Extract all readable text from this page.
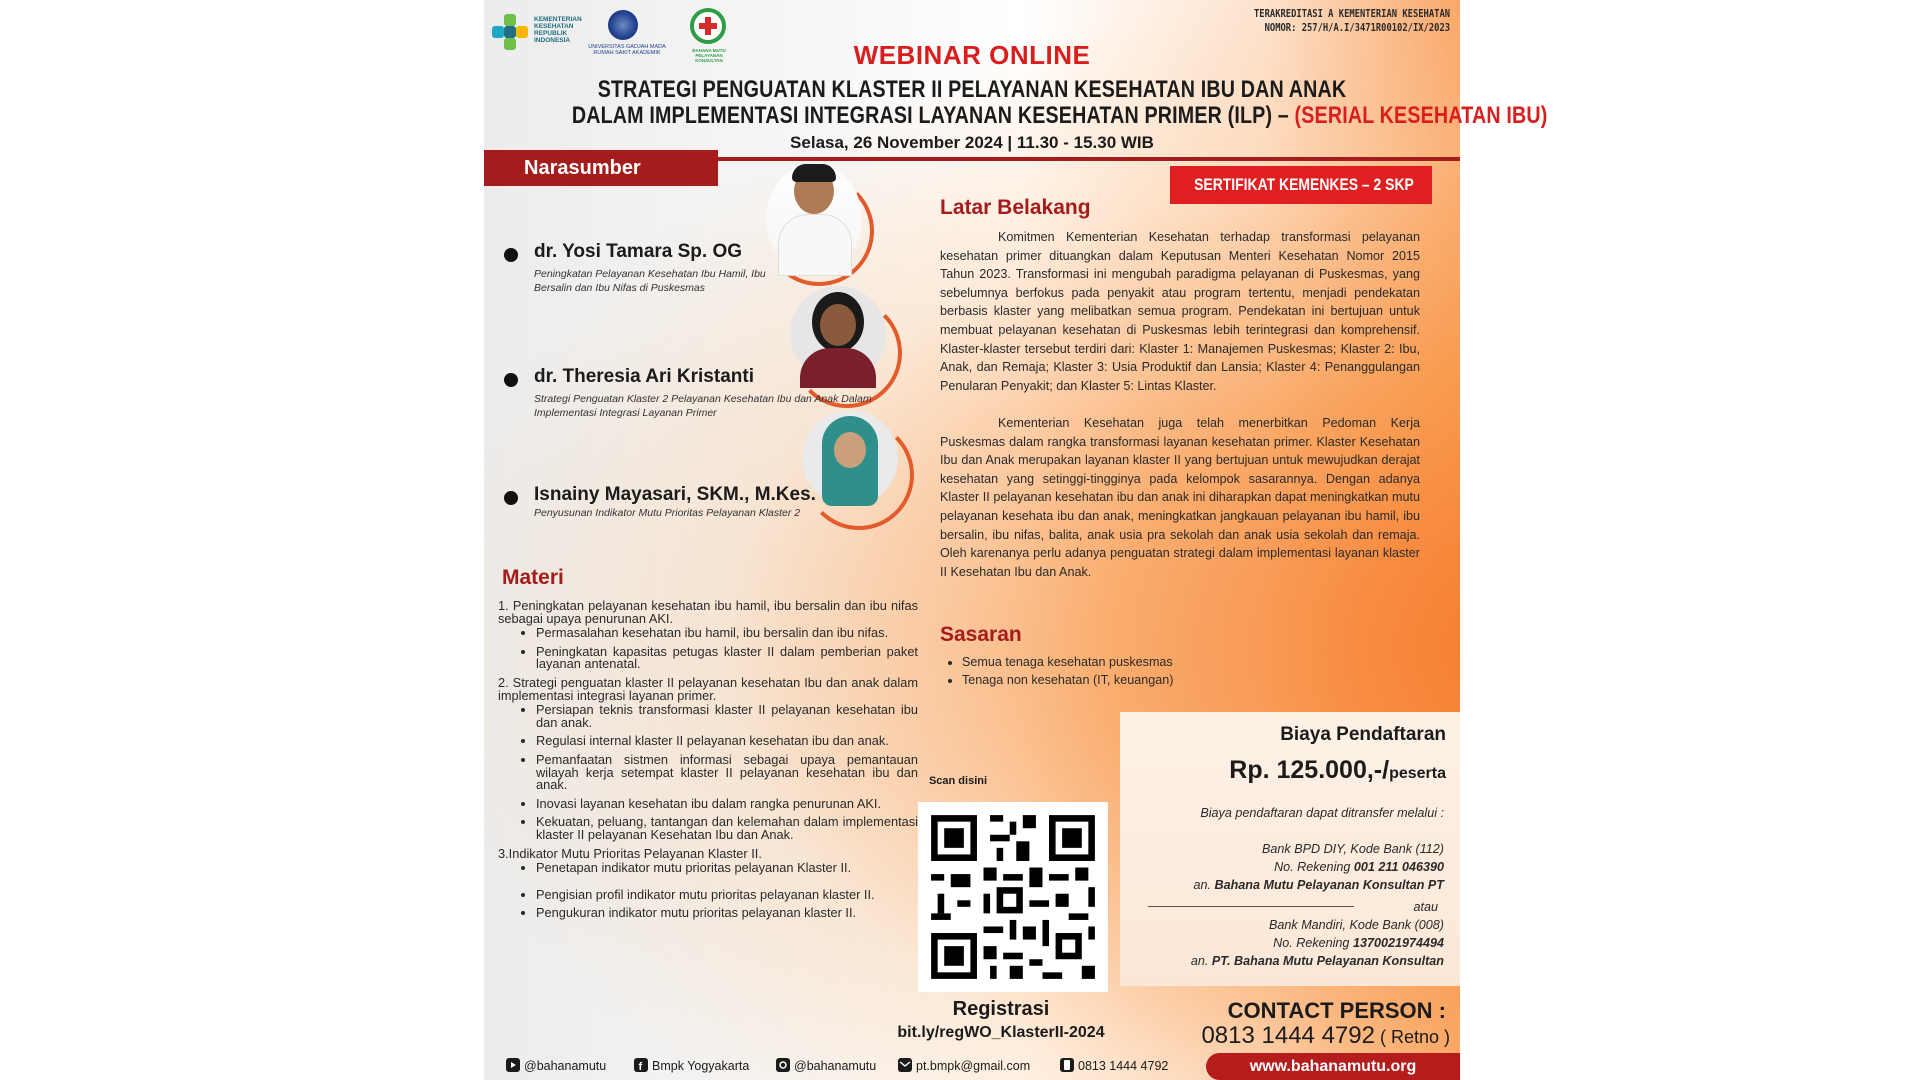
KEMENTERIAN KESEHATAN REPUBLIK INDONESIA
UNIVERSITAS GADJAH MADA RUMAH SAKIT AKADEMIK	BAHANA MUTU PELAYANAN KONSULTAN
TERAKREDITASI A KEMENTERIAN KESEHATAN
NOMOR: 257/H/A.I/3471R00102/IX/2023
WEBINAR ONLINE
STRATEGI PENGUATAN KLASTER II PELAYANAN KESEHATAN IBU DAN ANAK
DALAM IMPLEMENTASI INTEGRASI LAYANAN KESEHATAN PRIMER (ILP) – (SERIAL KESEHATAN IBU)
Selasa, 26 November 2024 | 11.30 - 15.30 WIB
Narasumber
dr. Yosi Tamara Sp. OG
Peningkatan Pelayanan Kesehatan Ibu Hamil, Ibu Bersalin dan Ibu Nifas di Puskesmas
dr. Theresia Ari Kristanti
Strategi Penguatan Klaster 2 Pelayanan Kesehatan Ibu dan Anak Dalam Implementasi Integrasi Layanan Primer
Isnainy Mayasari, SKM., M.Kes.
Penyusunan Indikator Mutu Prioritas Pelayanan Klaster 2
SERTIFIKAT KEMENKES – 2 SKP
Latar Belakang
Komitmen Kementerian Kesehatan terhadap transformasi pelayanan kesehatan primer dituangkan dalam Keputusan Menteri Kesehatan Nomor 2015 Tahun 2023. Transformasi ini mengubah paradigma pelayanan di Puskesmas, yang sebelumnya berfokus pada penyakit atau program tertentu, menjadi pendekatan berbasis klaster yang melibatkan semua program. Pendekatan ini bertujuan untuk membuat pelayanan kesehatan di Puskesmas lebih terintegrasi dan komprehensif. Klaster-klaster tersebut terdiri dari: Klaster 1: Manajemen Puskesmas; Klaster 2: Ibu, Anak, dan Remaja; Klaster 3: Usia Produktif dan Lansia; Klaster 4: Penanggulangan Penularan Penyakit; dan Klaster 5: Lintas Klaster.
Kementerian Kesehatan juga telah menerbitkan Pedoman Kerja Puskesmas dalam rangka transformasi layanan kesehatan primer. Klaster Kesehatan Ibu dan Anak merupakan layanan klaster II yang bertujuan untuk mewujudkan derajat kesehatan yang setinggi-tingginya pada kelompok sasarannya. Dengan adanya Klaster II pelayanan kesehatan ibu dan anak ini diharapkan dapat meningkatkan mutu pelayanan kesehata ibu dan anak, meningkatkan jangkauan pelayanan ibu hamil, ibu bersalin, ibu nifas, balita, anak usia pra sekolah dan anak usia sekolah dan remaja. Oleh karenanya perlu adanya penguatan strategi dalam implementasi layanan klaster II Kesehatan Ibu dan Anak.
Sasaran
• Semua tenaga kesehatan puskesmas
• Tenaga non kesehatan (IT, keuangan)
Materi
1. Peningkatan pelayanan kesehatan ibu hamil, ibu bersalin dan ibu nifas sebagai upaya penurunan AKI.
• Permasalahan kesehatan ibu hamil, ibu bersalin dan ibu nifas.
• Peningkatan kapasitas petugas klaster II dalam pemberian paket layanan antenatal.
2. Strategi penguatan klaster II pelayanan kesehatan Ibu dan anak dalam implementasi integrasi layanan primer.
• Persiapan teknis transformasi klaster II pelayanan kesehatan ibu dan anak.
• Regulasi internal klaster II pelayanan kesehatan ibu dan anak.
• Pemanfaatan sistmen informasi sebagai upaya pemantauan wilayah kerja setempat klaster II pelayanan kesehatan ibu dan anak.
• Inovasi layanan kesehatan ibu dalam rangka penurunan AKI.
• Kekuatan, peluang, tantangan dan kelemahan dalam implementasi klaster II pelayanan Kesehatan Ibu dan Anak.
3.Indikator Mutu Prioritas Pelayanan Klaster II.
• Penetapan indikator mutu prioritas pelayanan Klaster II.
• Pengisian profil indikator mutu prioritas pelayanan klaster II.
• Pengukuran indikator mutu prioritas pelayanan klaster II.
Scan disini
Registrasi
bit.ly/regWO_KlasterII-2024
Biaya Pendaftaran
Rp. 125.000,-/peserta
Biaya pendaftaran dapat ditransfer melalui :
Bank BPD DIY, Kode Bank (112)
No. Rekening 001 211 046390
an. Bahana Mutu Pelayanan Konsultan PT
atau
Bank Mandiri, Kode Bank (008)
No. Rekening 1370021974494
an. PT. Bahana Mutu Pelayanan Konsultan
CONTACT PERSON :
0813 1444 4792 ( Retno )
@bahanamutu	f Bmpk Yogyakarta	@bahanamutu	pt.bmpk@gmail.com	0813 1444 4792	www.bahanamutu.org
